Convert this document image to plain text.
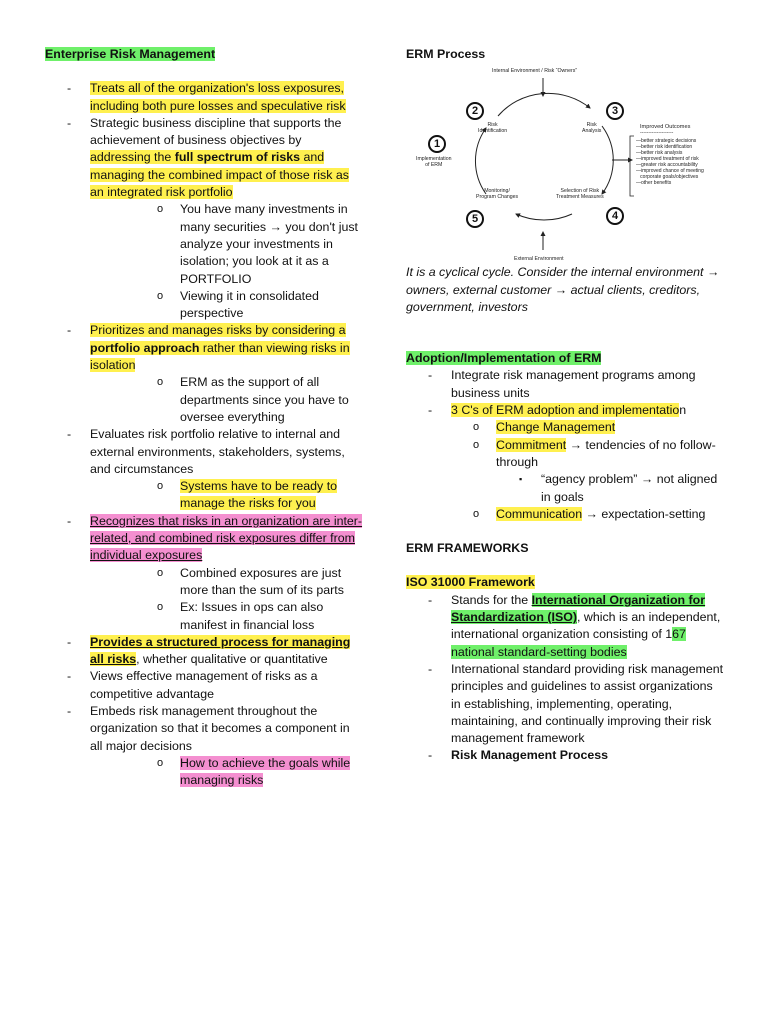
Enterprise Risk Management
- Treats all of the organization's loss exposures, including both pure losses and speculative risk
- Strategic business discipline that supports the achievement of business objectives by addressing the full spectrum of risks and managing the combined impact of those risk as an integrated risk portfolio
o You have many investments in many securities → you don't just analyze your investments in isolation; you look at it as a PORTFOLIO
o Viewing it in consolidated perspective
- Prioritizes and manages risks by considering a portfolio approach rather than viewing risks in isolation
o ERM as the support of all departments since you have to oversee everything
- Evaluates risk portfolio relative to internal and external environments, stakeholders, systems, and circumstances
o Systems have to be ready to manage the risks for you
- Recognizes that risks in an organization are inter-related, and combined risk exposures differ from individual exposures
o Combined exposures are just more than the sum of its parts
o Ex: Issues in ops can also manifest in financial loss
- Provides a structured process for managing all risks, whether qualitative or quantitative
- Views effective management of risks as a competitive advantage
- Embeds risk management throughout the organization so that it becomes a component in all major decisions
o How to achieve the goals while managing risks
ERM Process
Internal Environment / Risk “Owners”
External Environment
1
2	3
4
5
Implementation
of ERM
Risk
Identification
Risk
Analysis
Selection of Risk
Treatment Measures
Monitoring/
Program Changes
Improved Outcomes
--------------------
—better strategic decisions
—better risk identification
—better risk analysis
—improved treatment of risk
—greater risk accountability
—improved chance of meeting
corporate goals/objectives
—other benefits
It is a cyclical cycle. Consider the internal environment → owners, external customer → actual clients, creditors, government, investors
Adoption/Implementation of ERM
- Integrate risk management programs among business units
- 3 C's of ERM adoption and implementation
o Change Management
o Commitment → tendencies of no follow-through
▪ “agency problem” → not aligned in goals
o Communication → expectation-setting
ERM FRAMEWORKS
ISO 31000 Framework
- Stands for the International Organization for Standardization (ISO), which is an independent, international organization consisting of 167 national standard-setting bodies
- International standard providing risk management principles and guidelines to assist organizations in establishing, implementing, operating, maintaining, and continually improving their risk management framework
- Risk Management Process
